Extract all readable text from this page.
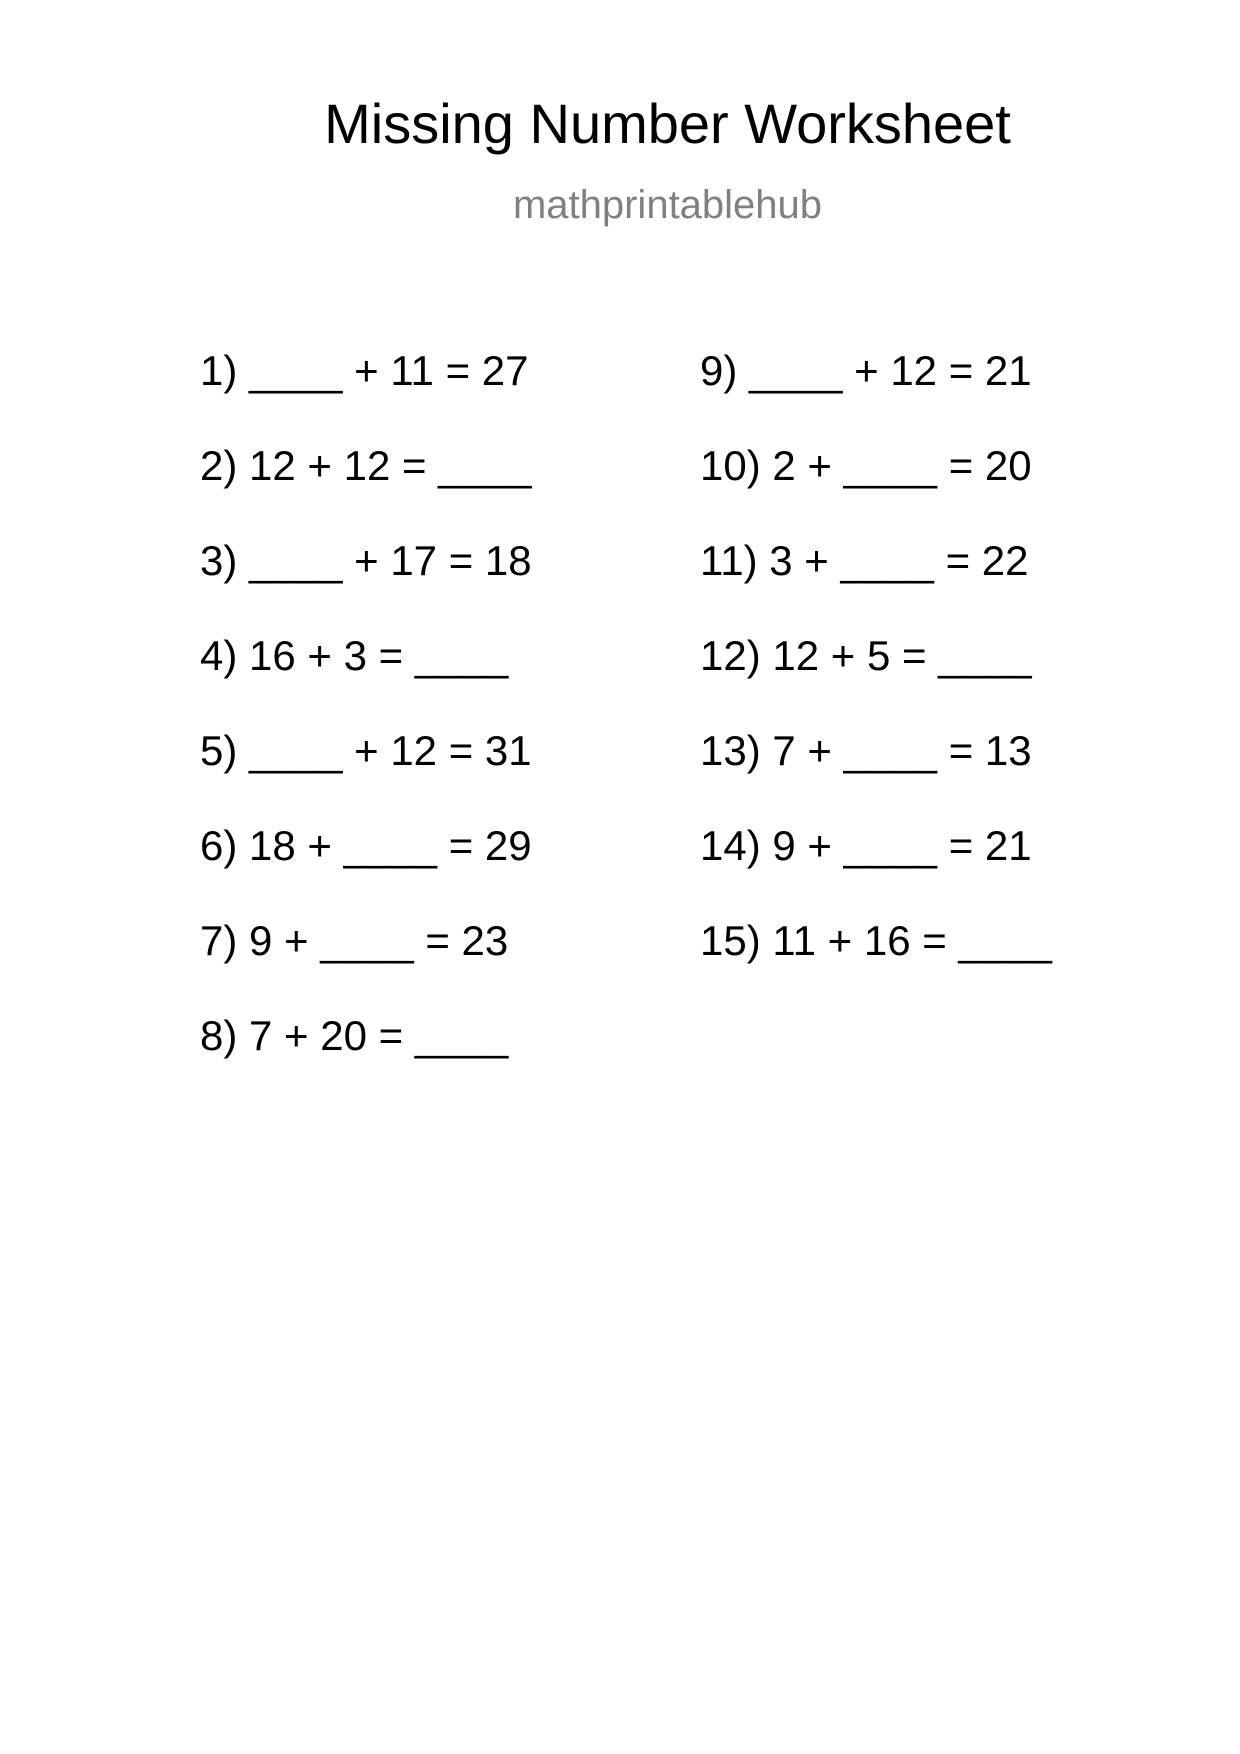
Missing Number Worksheet
mathprintablehub
1) ____ + 11 = 27
2) 12 + 12 = ____
3) ____ + 17 = 18
4) 16 + 3 = ____
5) ____ + 12 = 31
6) 18 + ____ = 29
7) 9 + ____ = 23
8) 7 + 20 = ____
9) ____ + 12 = 21
10) 2 + ____ = 20
11) 3 + ____ = 22
12) 12 + 5 = ____
13) 7 + ____ = 13
14) 9 + ____ = 21
15) 11 + 16 = ____
